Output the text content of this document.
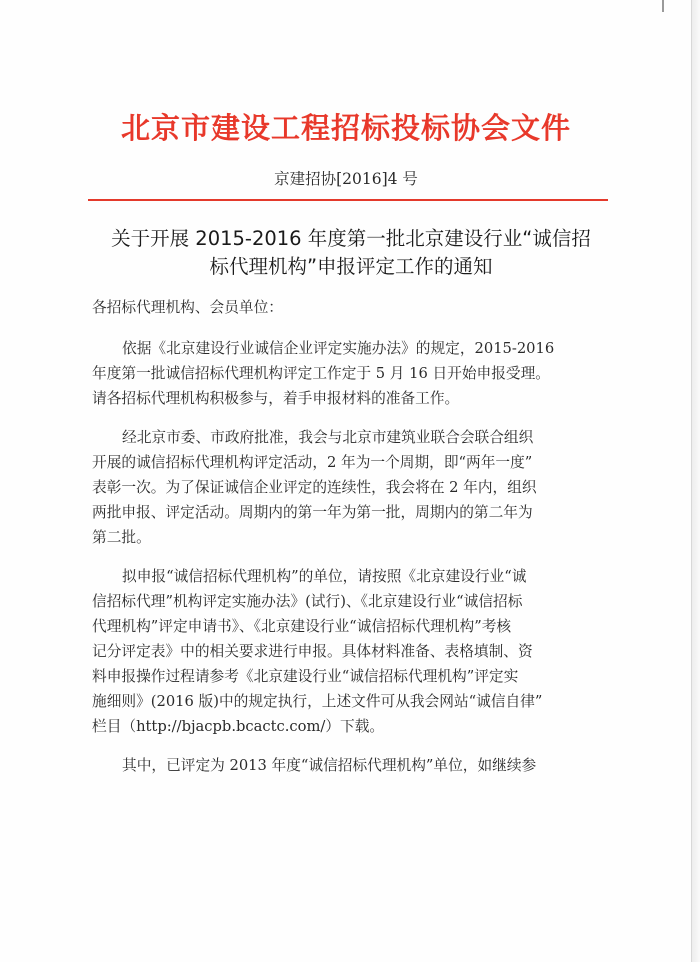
北京市建设工程招标投标协会文件
京建招协[2016]4 号
关于开展 2015-2016 年度第一批北京建设行业“诚信招
标代理机构”申报评定工作的通知
各招标代理机构、会员单位：
依据《北京建设行业诚信企业评定实施办法》的规定，2015-2016
年度第一批诚信招标代理机构评定工作定于 5 月 16 日开始申报受理。
请各招标代理机构积极参与，着手申报材料的准备工作。
经北京市委、市政府批准，我会与北京市建筑业联合会联合组织
开展的诚信招标代理机构评定活动，2 年为一个周期，即“两年一度”
表彰一次。为了保证诚信企业评定的连续性，我会将在 2 年内，组织
两批申报、评定活动。周期内的第一年为第一批，周期内的第二年为
第二批。
拟申报“诚信招标代理机构”的单位，请按照《北京建设行业“诚
信招标代理”机构评定实施办法》(试行)、《北京建设行业“诚信招标
代理机构”评定申请书》、《北京建设行业“诚信招标代理机构”考核
记分评定表》中的相关要求进行申报。具体材料准备、表格填制、资
料申报操作过程请参考《北京建设行业“诚信招标代理机构”评定实
施细则》(2016 版)中的规定执行，上述文件可从我会网站“诚信自律”
栏目（http://bjacpb.bcactc.com/）下载。
其中，已评定为 2013 年度“诚信招标代理机构”单位，如继续参
